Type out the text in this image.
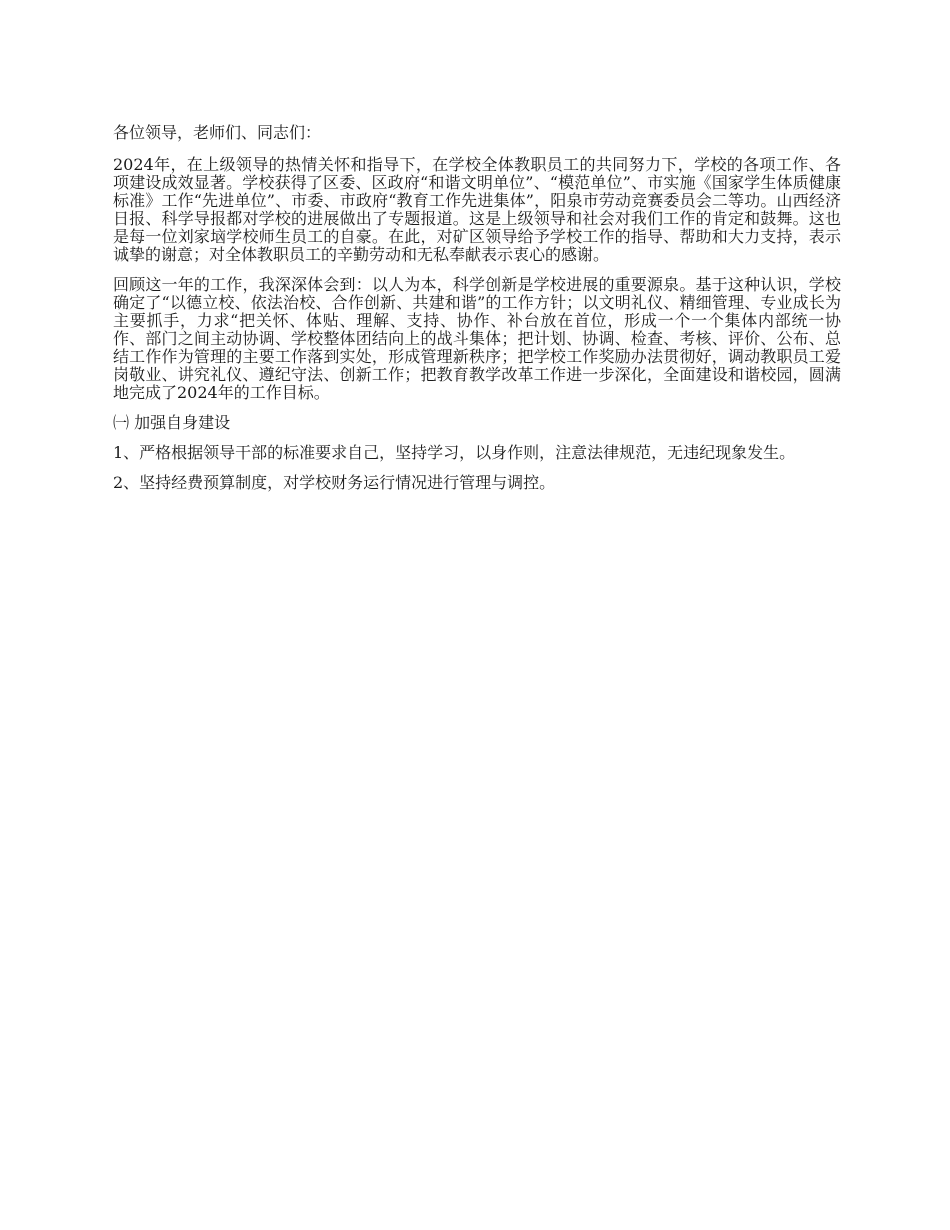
各位领导，老师们、同志们：

2024年，在上级领导的热情关怀和指导下，在学校全体教职员工的共同努力下，学校的各项工作、各项建设成效显著。学校获得了区委、区政府“和谐文明单位”、“模范单位”、市实施《国家学生体质健康标准》工作“先进单位”、市委、市政府“教育工作先进集体”，阳泉市劳动竞赛委员会二等功。山西经济日报、科学导报都对学校的进展做出了专题报道。这是上级领导和社会对我们工作的肯定和鼓舞。这也是每一位刘家垴学校师生员工的自豪。在此，对矿区领导给予学校工作的指导、帮助和大力支持，表示诚挚的谢意；对全体教职员工的辛勤劳动和无私奉献表示衷心的感谢。

回顾这一年的工作，我深深体会到：以人为本，科学创新是学校进展的重要源泉。基于这种认识，学校确定了“以德立校、依法治校、合作创新、共建和谐”的工作方针；以文明礼仪、精细管理、专业成长为主要抓手，力求“把关怀、体贴、理解、支持、协作、补台放在首位，形成一个一个集体内部统一协作、部门之间主动协调、学校整体团结向上的战斗集体；把计划、协调、检查、考核、评价、公布、总结工作作为管理的主要工作落到实处，形成管理新秩序；把学校工作奖励办法贯彻好，调动教职员工爱岗敬业、讲究礼仪、遵纪守法、创新工作；把教育教学改革工作进一步深化，全面建设和谐校园，圆满地完成了2024年的工作目标。

㈠ 加强自身建设

1、严格根据领导干部的标准要求自己，坚持学习，以身作则，注意法律规范，无违纪现象发生。

2、坚持经费预算制度，对学校财务运行情况进行管理与调控。
